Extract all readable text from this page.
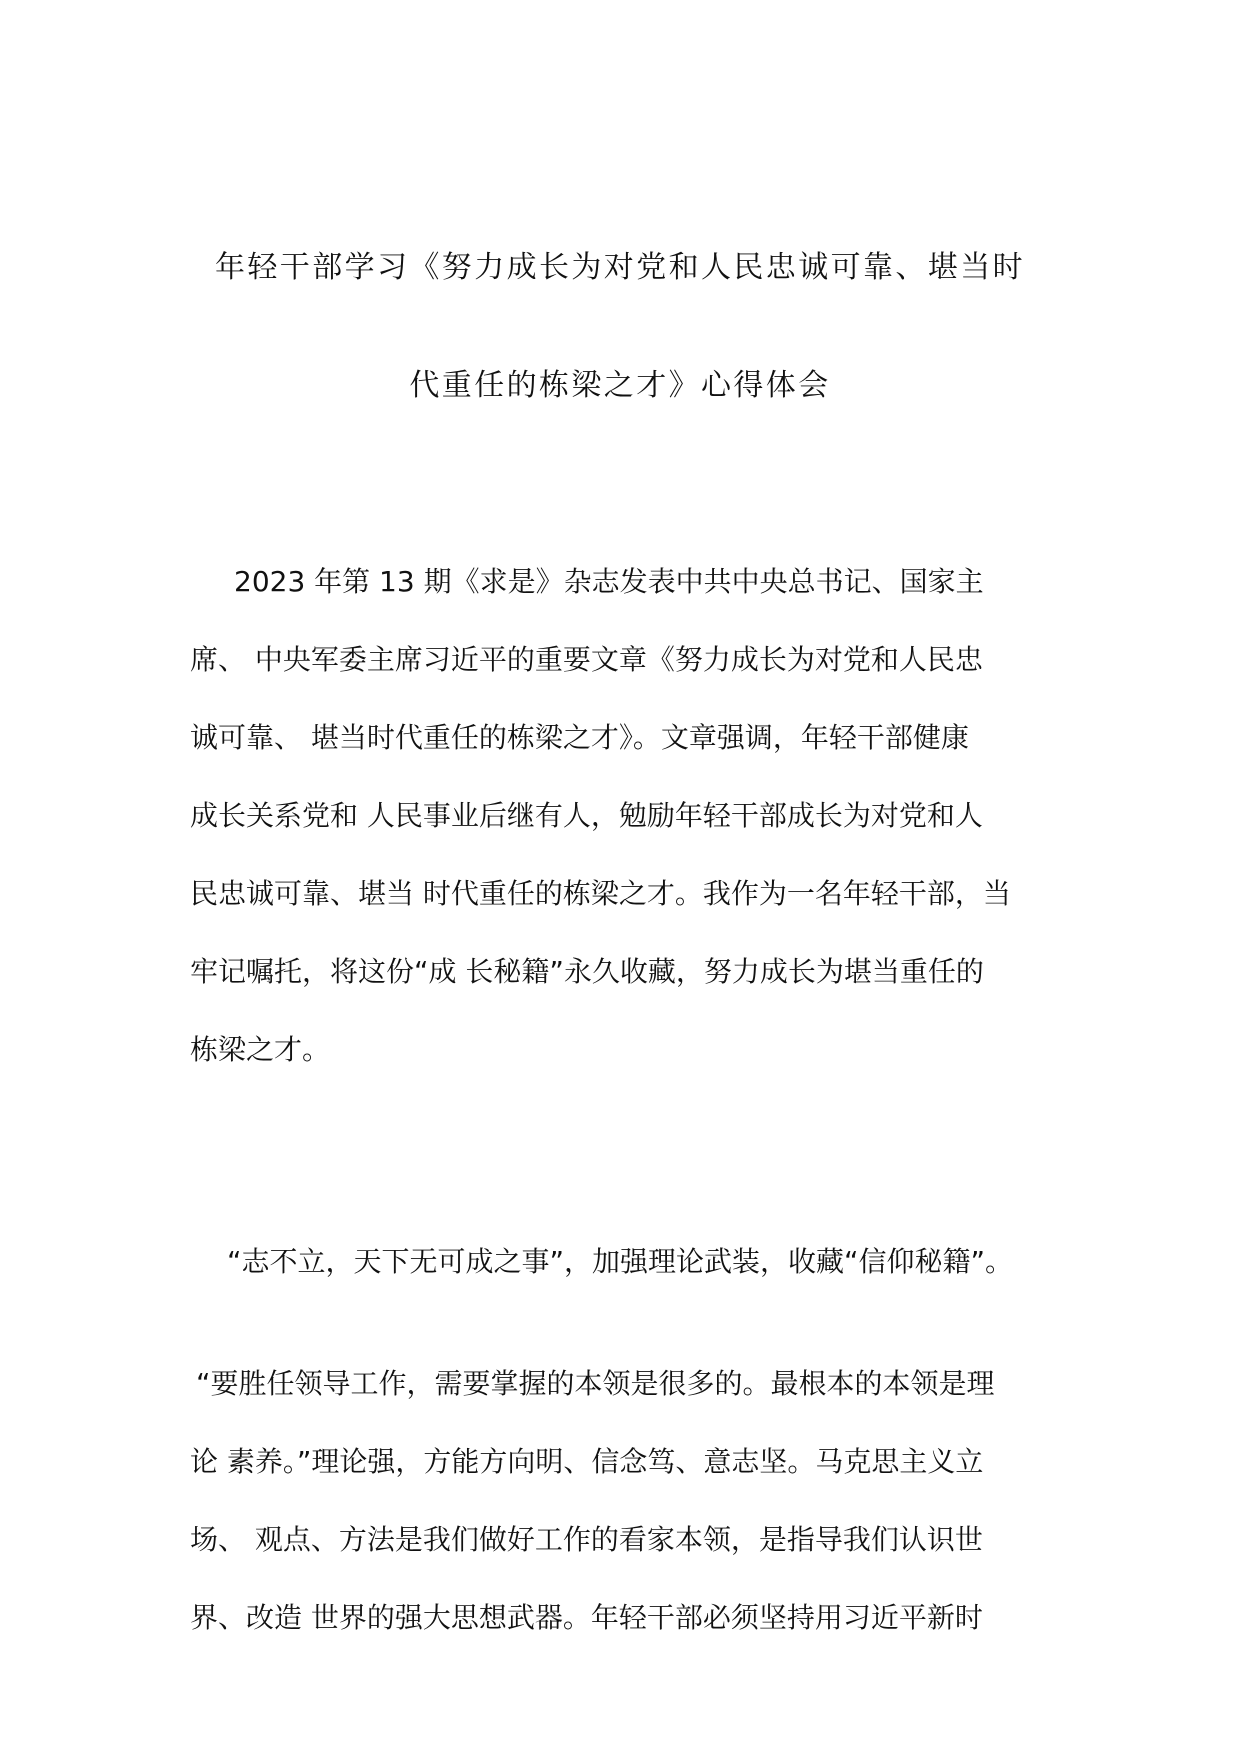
年轻干部学习《努力成长为对党和人民忠诚可靠、堪当时
代重任的栋梁之才》心得体会
2023 年第 13 期《求是》杂志发表中共中央总书记、国家主
席、 中央军委主席习近平的重要文章《努力成长为对党和人民忠
诚可靠、 堪当时代重任的栋梁之才》。文章强调，年轻干部健康
成长关系党和 人民事业后继有人，勉励年轻干部成长为对党和人
民忠诚可靠、堪当 时代重任的栋梁之才。我作为一名年轻干部，当
牢记嘱托，将这份“成 长秘籍”永久收藏，努力成长为堪当重任的
栋梁之才。
“志不立，天下无可成之事”，加强理论武装，收藏“信仰秘籍”。
“要胜任领导工作，需要掌握的本领是很多的。最根本的本领是理
论 素养。”理论强，方能方向明、信念笃、意志坚。马克思主义立
场、 观点、方法是我们做好工作的看家本领，是指导我们认识世
界、改造 世界的强大思想武器。年轻干部必须坚持用习近平新时
